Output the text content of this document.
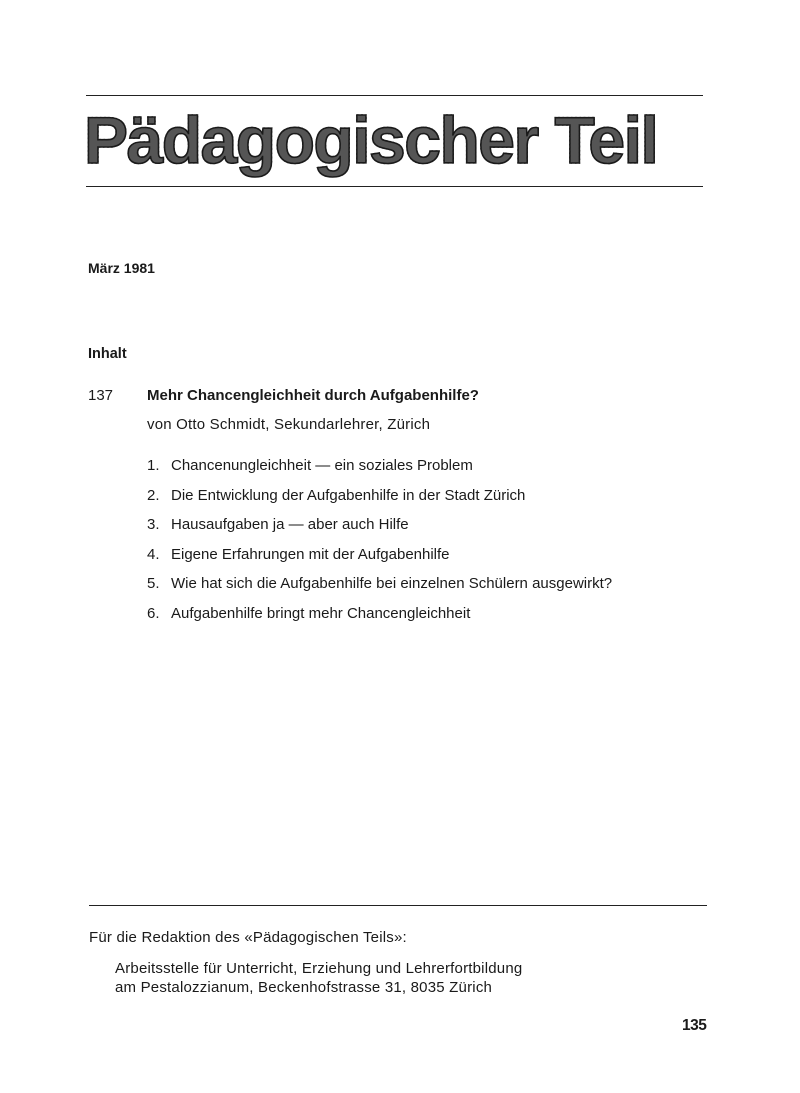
Pädagogischer Teil
März 1981
Inhalt
137 Mehr Chancengleichheit durch Aufgabenhilfe?
von Otto Schmidt, Sekundarlehrer, Zürich
1. Chancenungleichheit — ein soziales Problem
2. Die Entwicklung der Aufgabenhilfe in der Stadt Zürich
3. Hausaufgaben ja — aber auch Hilfe
4. Eigene Erfahrungen mit der Aufgabenhilfe
5. Wie hat sich die Aufgabenhilfe bei einzelnen Schülern ausgewirkt?
6. Aufgabenhilfe bringt mehr Chancengleichheit
Für die Redaktion des «Pädagogischen Teils»:
Arbeitsstelle für Unterricht, Erziehung und Lehrerfortbildung
am Pestalozzianum, Beckenhofstrasse 31, 8035 Zürich
135
